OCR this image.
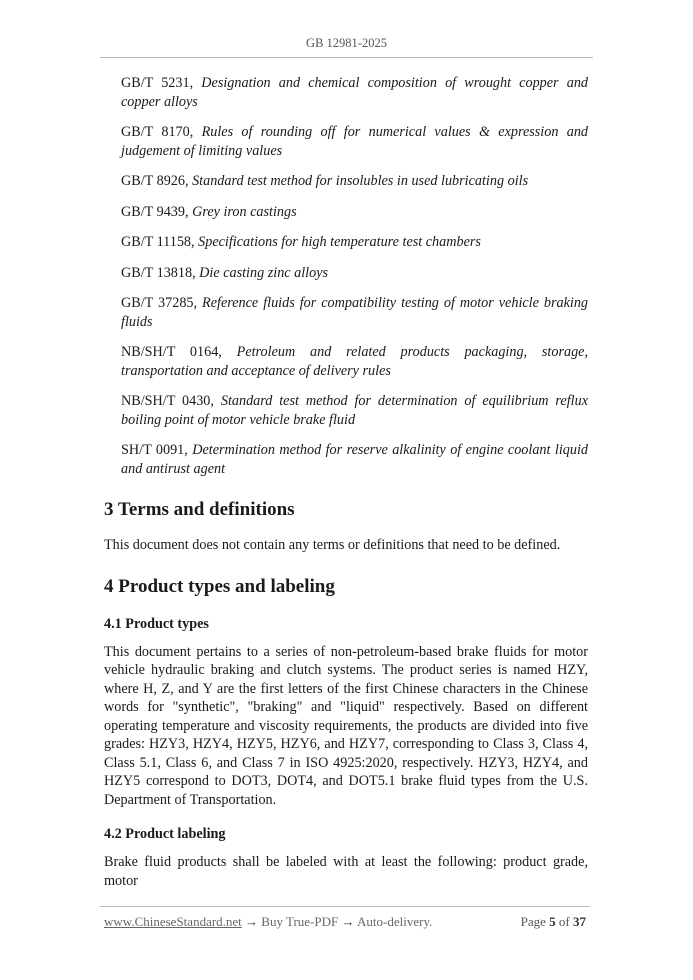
GB 12981-2025

GB/T 5231, Designation and chemical composition of wrought copper and copper alloys

GB/T 8170, Rules of rounding off for numerical values & expression and judgement of limiting values

GB/T 8926, Standard test method for insolubles in used lubricating oils

GB/T 9439, Grey iron castings

GB/T 11158, Specifications for high temperature test chambers

GB/T 13818, Die casting zinc alloys

GB/T 37285, Reference fluids for compatibility testing of motor vehicle braking fluids

NB/SH/T 0164, Petroleum and related products packaging, storage, transportation and acceptance of delivery rules

NB/SH/T 0430, Standard test method for determination of equilibrium reflux boiling point of motor vehicle brake fluid

SH/T 0091, Determination method for reserve alkalinity of engine coolant liquid and antirust agent

3 Terms and definitions

This document does not contain any terms or definitions that need to be defined.

4 Product types and labeling
4.1 Product types

This document pertains to a series of non-petroleum-based brake fluids for motor vehicle hydraulic braking and clutch systems. The product series is named HZY, where H, Z, and Y are the first letters of the first Chinese characters in the Chinese words for "synthetic", "braking" and "liquid" respectively. Based on different operating temperature and viscosity requirements, the products are divided into five grades: HZY3, HZY4, HZY5, HZY6, and HZY7, corresponding to Class 3, Class 4, Class 5.1, Class 6, and Class 7 in ISO 4925:2020, respectively. HZY3, HZY4, and HZY5 correspond to DOT3, DOT4, and DOT5.1 brake fluid types from the U.S. Department of Transportation.

4.2 Product labeling

Brake fluid products shall be labeled with at least the following: product grade, motor

www.ChineseStandard.net → Buy True-PDF → Auto-delivery.	Page 5 of 37
